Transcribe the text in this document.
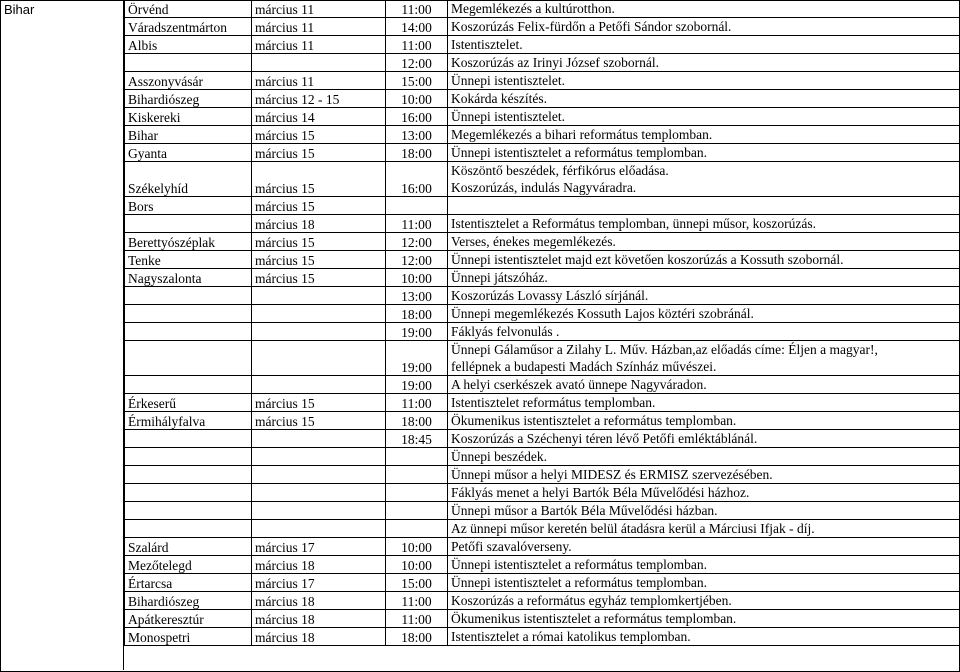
Bihar	Örvénd	március 11	11:00	Megemlékezés a kultúrotthon.

Váradszentmárton	március 11	14:00	Koszorúzás Felix-fürdőn a Petőfi Sándor szobornál.

Albis	március 11	11:00	Istentisztelet.

		12:00	Koszorúzás az Irinyi József szobornál.

Asszonyvásár	március 11	15:00	Ünnepi istentisztelet.

Bihardiószeg	március 12 - 15	10:00	Kokárda készítés.

Kiskereki	március 14	16:00	Ünnepi istentisztelet.

Bihar	március 15	13:00	Megemlékezés a bihari református templomban.

Gyanta	március 15	18:00	Ünnepi istentisztelet a református templomban.

Székelyhíd	március 15	16:00	Köszöntő beszédek, férfikórus előadása.
Koszorúzás, indulás Nagyváradra.

Bors	március 15		

	március 18	11:00	Istentisztelet a Református templomban, ünnepi műsor, koszorúzás.

Berettyószéplak	március 15	12:00	Verses, énekes megemlékezés.

Tenke	március 15	12:00	Ünnepi istentisztelet majd ezt követően koszorúzás a Kossuth szobornál.

Nagyszalonta	március 15	10:00	Ünnepi játszóház.

		13:00	Koszorúzás Lovassy László sírjánál.

		18:00	Ünnepi megemlékezés Kossuth Lajos köztéri szobránál.

		19:00	Fáklyás felvonulás .

		19:00	Ünnepi Gálaműsor a Zilahy L. Műv. Házban,az előadás címe: Éljen a magyar!,
fellépnek a budapesti Madách Színház művészei.

		19:00	A helyi cserkészek avató ünnepe Nagyváradon.

Érkeserű	március 15	11:00	Istentisztelet református templomban.

Érmihályfalva	március 15	18:00	Ökumenikus istentisztelet a református templomban.

		18:45	Koszorúzás a Széchenyi téren lévő Petőfi emléktáblánál.

			Ünnepi beszédek.

			Ünnepi műsor a helyi MIDESZ és ERMISZ szervezésében.

			Fáklyás menet a helyi Bartók Béla Művelődési házhoz.

			Ünnepi műsor a Bartók Béla Művelődési házban.

			Az ünnepi műsor keretén belül átadásra kerül a Márciusi Ifjak - díj.

Szalárd	március 17	10:00	Petőfi szavalóverseny.

Mezőtelegd	március 18	10:00	Ünnepi istentisztelet a református templomban.

Értarcsa	március 17	15:00	Ünnepi istentisztelet a református templomban.

Bihardiószeg	március 18	11:00	Koszorúzás a református egyház templomkertjében.

Apátkeresztúr	március 18	11:00	Ökumenikus istentisztelet a református templomban.

Monospetri	március 18	18:00	Istentisztelet a római katolikus templomban.
